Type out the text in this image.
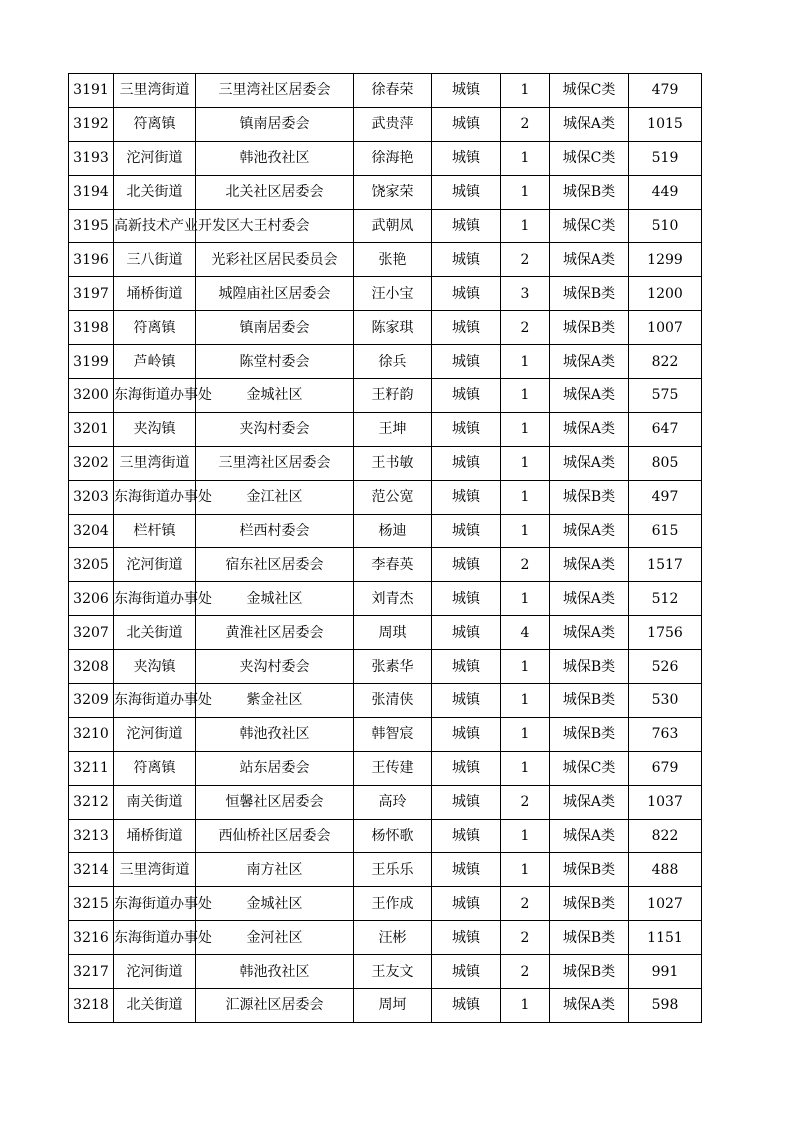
3191	三里湾街道	三里湾社区居委会	徐春荣	城镇	1	城保C类	479
3192	符离镇	镇南居委会	武贵萍	城镇	2	城保A类	1015
3193	沱河街道	韩池孜社区	徐海艳	城镇	1	城保C类	519
3194	北关街道	北关社区居委会	饶家荣	城镇	1	城保B类	449
3195	高新技术产业开发区	大王村委会	武朝凤	城镇	1	城保C类	510
3196	三八街道	光彩社区居民委员会	张艳	城镇	2	城保A类	1299
3197	埇桥街道	城隍庙社区居委会	汪小宝	城镇	3	城保B类	1200
3198	符离镇	镇南居委会	陈家琪	城镇	2	城保B类	1007
3199	芦岭镇	陈堂村委会	徐兵	城镇	1	城保A类	822
3200	东海街道办事处	金城社区	王籽韵	城镇	1	城保A类	575
3201	夹沟镇	夹沟村委会	王坤	城镇	1	城保A类	647
3202	三里湾街道	三里湾社区居委会	王书敏	城镇	1	城保A类	805
3203	东海街道办事处	金江社区	范公宽	城镇	1	城保B类	497
3204	栏杆镇	栏西村委会	杨迪	城镇	1	城保A类	615
3205	沱河街道	宿东社区居委会	李春英	城镇	2	城保A类	1517
3206	东海街道办事处	金城社区	刘青杰	城镇	1	城保A类	512
3207	北关街道	黄淮社区居委会	周琪	城镇	4	城保A类	1756
3208	夹沟镇	夹沟村委会	张素华	城镇	1	城保B类	526
3209	东海街道办事处	紫金社区	张清侠	城镇	1	城保B类	530
3210	沱河街道	韩池孜社区	韩智宸	城镇	1	城保B类	763
3211	符离镇	站东居委会	王传建	城镇	1	城保C类	679
3212	南关街道	恒馨社区居委会	高玲	城镇	2	城保A类	1037
3213	埇桥街道	西仙桥社区居委会	杨怀歌	城镇	1	城保A类	822
3214	三里湾街道	南方社区	王乐乐	城镇	1	城保B类	488
3215	东海街道办事处	金城社区	王作成	城镇	2	城保B类	1027
3216	东海街道办事处	金河社区	汪彬	城镇	2	城保B类	1151
3217	沱河街道	韩池孜社区	王友文	城镇	2	城保B类	991
3218	北关街道	汇源社区居委会	周坷	城镇	1	城保A类	598
